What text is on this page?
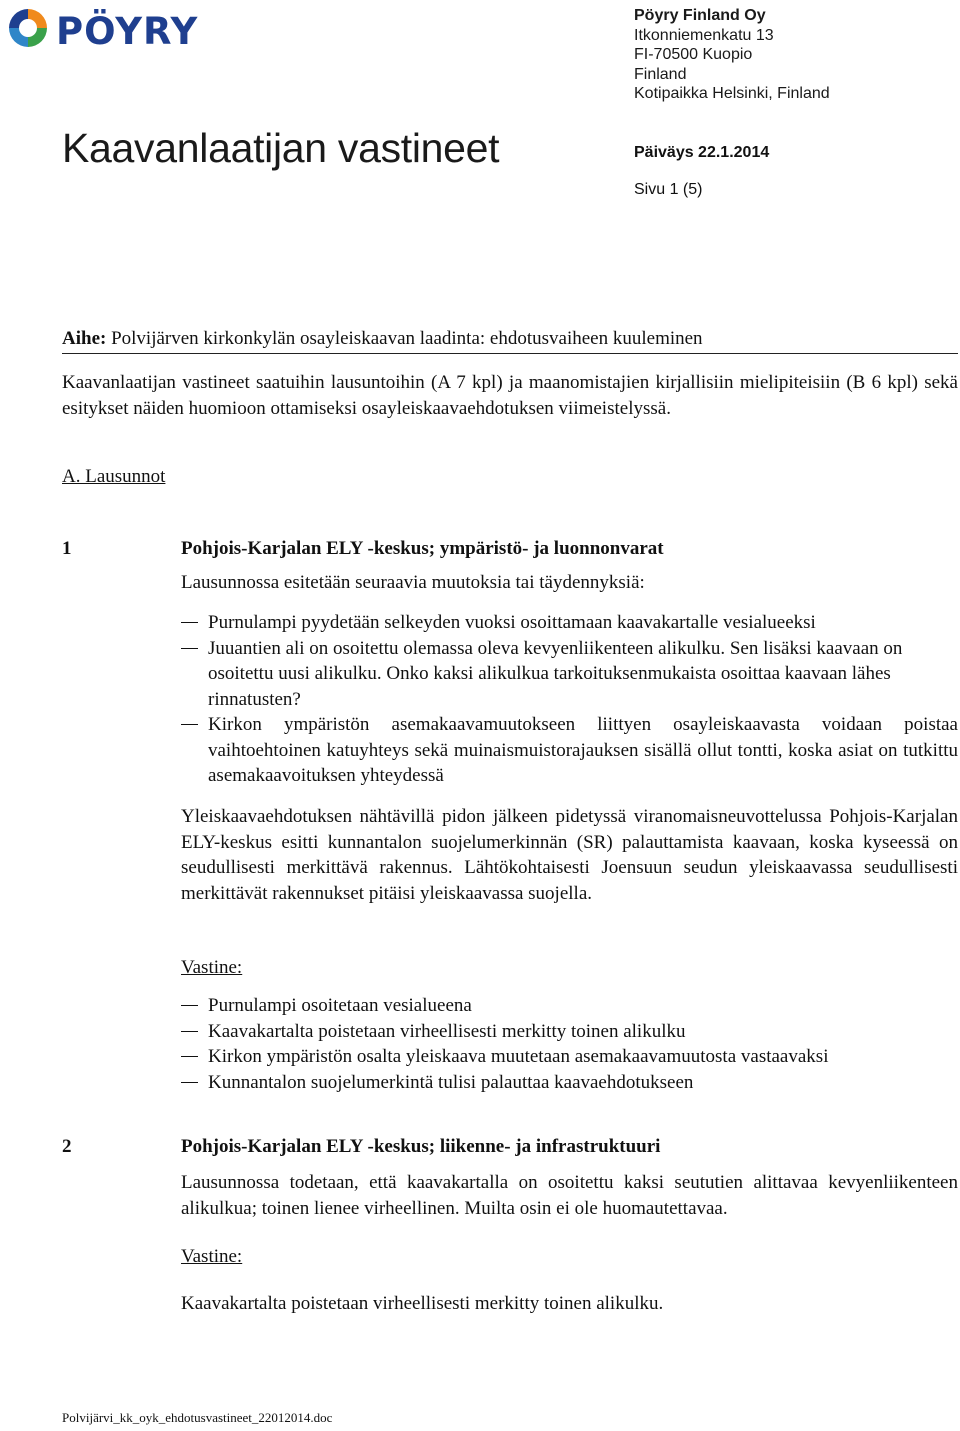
PÖYRY	Pöyry Finland Oy
Itkonniemenkatu 13
FI-70500 Kuopio
Finland
Kotipaikka Helsinki, Finland
Kaavanlaatijan vastineet	Päiväys 22.1.2014
Sivu 1 (5)
Aihe: Polvijärven kirkonkylän osayleiskaavan laadinta: ehdotusvaiheen kuuleminen
Kaavanlaatijan vastineet saatuihin lausuntoihin (A 7 kpl) ja maanomistajien kirjallisiin mielipiteisiin (B 6 kpl) sekä esitykset näiden huomioon ottamiseksi osayleiskaavaehdotuksen viimeistelyssä.
A. Lausunnot
1	Pohjois-Karjalan ELY -keskus; ympäristö- ja luonnonvarat
Lausunnossa esitetään seuraavia muutoksia tai täydennyksiä:
Purnulampi pyydetään selkeyden vuoksi osoittamaan kaavakartalle vesialueeksi
Juuantien ali on osoitettu olemassa oleva kevyenliikenteen alikulku. Sen lisäksi kaavaan on osoitettu uusi alikulku. Onko kaksi alikulkua tarkoituksenmukaista osoittaa kaavaan lähes rinnatusten?
Kirkon ympäristön asemakaavamuutokseen liittyen osayleiskaavasta voidaan poistaa vaihtoehtoinen katuyhteys sekä muinaismuistorajauksen sisällä ollut tontti, koska asiat on tutkittu asemakaavoituksen yhteydessä
Yleiskaavaehdotuksen nähtävillä pidon jälkeen pidetyssä viranomaisneuvottelussa Pohjois-Karjalan ELY-keskus esitti kunnantalon suojelumerkinnän (SR) palauttamista kaavaan, koska kyseessä on seudullisesti merkittävä rakennus. Lähtökohtaisesti Joensuun seudun yleiskaavassa seudullisesti merkittävät rakennukset pitäisi yleiskaavassa suojella.
Vastine:
Purnulampi osoitetaan vesialueena
Kaavakartalta poistetaan virheellisesti merkitty toinen alikulku
Kirkon ympäristön osalta yleiskaava muutetaan asemakaavamuutosta vastaavaksi
Kunnantalon suojelumerkintä tulisi palauttaa kaavaehdotukseen
2	Pohjois-Karjalan ELY -keskus; liikenne- ja infrastruktuuri
Lausunnossa todetaan, että kaavakartalla on osoitettu kaksi seututien alittavaa kevyenliikenteen alikulkua; toinen lienee virheellinen. Muilta osin ei ole huomautettavaa.
Vastine:
Kaavakartalta poistetaan virheellisesti merkitty toinen alikulku.
Polvijärvi_kk_oyk_ehdotusvastineet_22012014.doc
